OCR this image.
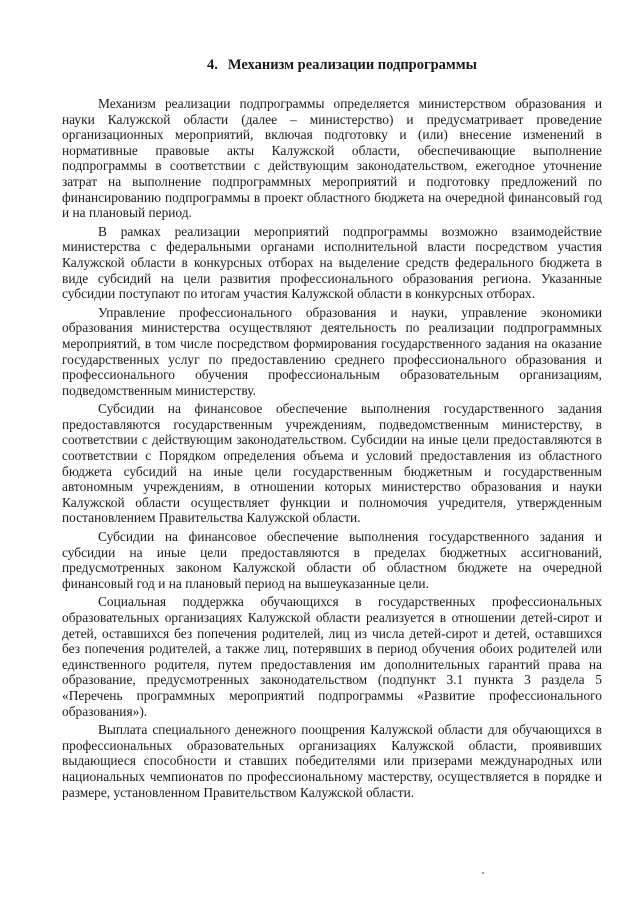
4. Механизм реализации подпрограммы

Механизм реализации подпрограммы определяется министерством образования и науки Калужской области (далее – министерство) и предусматривает проведение организационных мероприятий, включая подготовку и (или) внесение изменений в нормативные правовые акты Калужской области, обеспечивающие выполнение подпрограммы в соответствии с действующим законодательством, ежегодное уточнение затрат на выполнение подпрограммных мероприятий и подготовку предложений по финансированию подпрограммы в проект областного бюджета на очередной финансовый год и на плановый период.

В рамках реализации мероприятий подпрограммы возможно взаимодействие министерства с федеральными органами исполнительной власти посредством участия Калужской области в конкурсных отборах на выделение средств федерального бюджета в виде субсидий на цели развития профессионального образования региона. Указанные субсидии поступают по итогам участия Калужской области в конкурсных отборах.

Управление профессионального образования и науки, управление экономики образования министерства осуществляют деятельность по реализации подпрограммных мероприятий, в том числе посредством формирования государственного задания на оказание государственных услуг по предоставлению среднего профессионального образования и профессионального обучения профессиональным образовательным организациям, подведомственным министерству.

Субсидии на финансовое обеспечение выполнения государственного задания предоставляются государственным учреждениям, подведомственным министерству, в соответствии с действующим законодательством. Субсидии на иные цели предоставляются в соответствии с Порядком определения объема и условий предоставления из областного бюджета субсидий на иные цели государственным бюджетным и государственным автономным учреждениям, в отношении которых министерство образования и науки Калужской области осуществляет функции и полномочия учредителя, утвержденным постановлением Правительства Калужской области.

Субсидии на финансовое обеспечение выполнения государственного задания и субсидии на иные цели предоставляются в пределах бюджетных ассигнований, предусмотренных законом Калужской области об областном бюджете на очередной финансовый год и на плановый период на вышеуказанные цели.

Социальная поддержка обучающихся в государственных профессиональных образовательных организациях Калужской области реализуется в отношении детей-сирот и детей, оставшихся без попечения родителей, лиц из числа детей-сирот и детей, оставшихся без попечения родителей, а также лиц, потерявших в период обучения обоих родителей или единственного родителя, путем предоставления им дополнительных гарантий права на образование, предусмотренных законодательством (подпункт 3.1 пункта 3 раздела 5 «Перечень программных мероприятий подпрограммы «Развитие профессионального образования»).

Выплата специального денежного поощрения Калужской области для обучающихся в профессиональных образовательных организациях Калужской области, проявивших выдающиеся способности и ставших победителями или призерами международных или национальных чемпионатов по профессиональному мастерству, осуществляется в порядке и размере, установленном Правительством Калужской области.
